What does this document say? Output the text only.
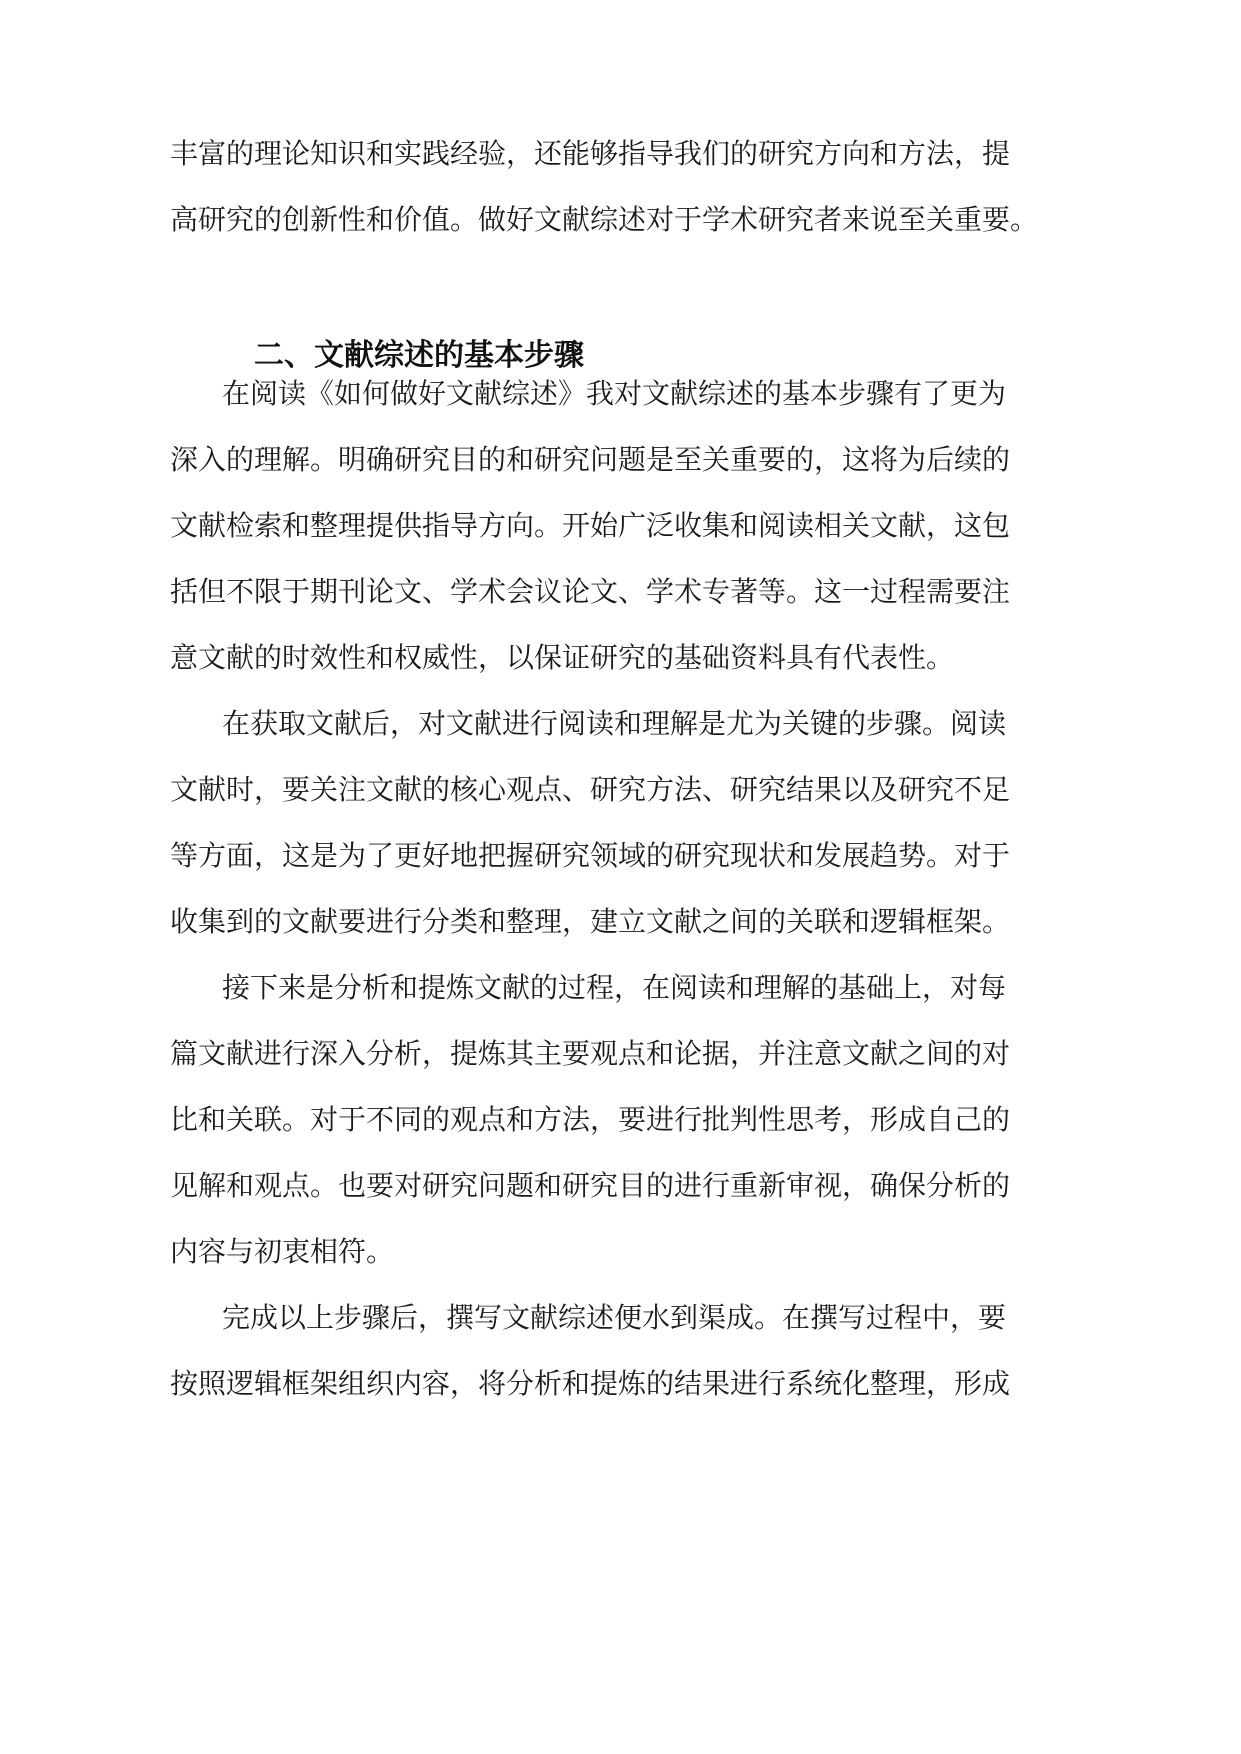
丰富的理论知识和实践经验，还能够指导我们的研究方向和方法，提
高研究的创新性和价值。做好文献综述对于学术研究者来说至关重要。
二、文献综述的基本步骤
在阅读《如何做好文献综述》我对文献综述的基本步骤有了更为
深入的理解。明确研究目的和研究问题是至关重要的，这将为后续的
文献检索和整理提供指导方向。开始广泛收集和阅读相关文献，这包
括但不限于期刊论文、学术会议论文、学术专著等。这一过程需要注
意文献的时效性和权威性，以保证研究的基础资料具有代表性。
在获取文献后，对文献进行阅读和理解是尤为关键的步骤。阅读
文献时，要关注文献的核心观点、研究方法、研究结果以及研究不足
等方面，这是为了更好地把握研究领域的研究现状和发展趋势。对于
收集到的文献要进行分类和整理，建立文献之间的关联和逻辑框架。
接下来是分析和提炼文献的过程，在阅读和理解的基础上，对每
篇文献进行深入分析，提炼其主要观点和论据，并注意文献之间的对
比和关联。对于不同的观点和方法，要进行批判性思考，形成自己的
见解和观点。也要对研究问题和研究目的进行重新审视，确保分析的
内容与初衷相符。
完成以上步骤后，撰写文献综述便水到渠成。在撰写过程中，要
按照逻辑框架组织内容，将分析和提炼的结果进行系统化整理，形成
